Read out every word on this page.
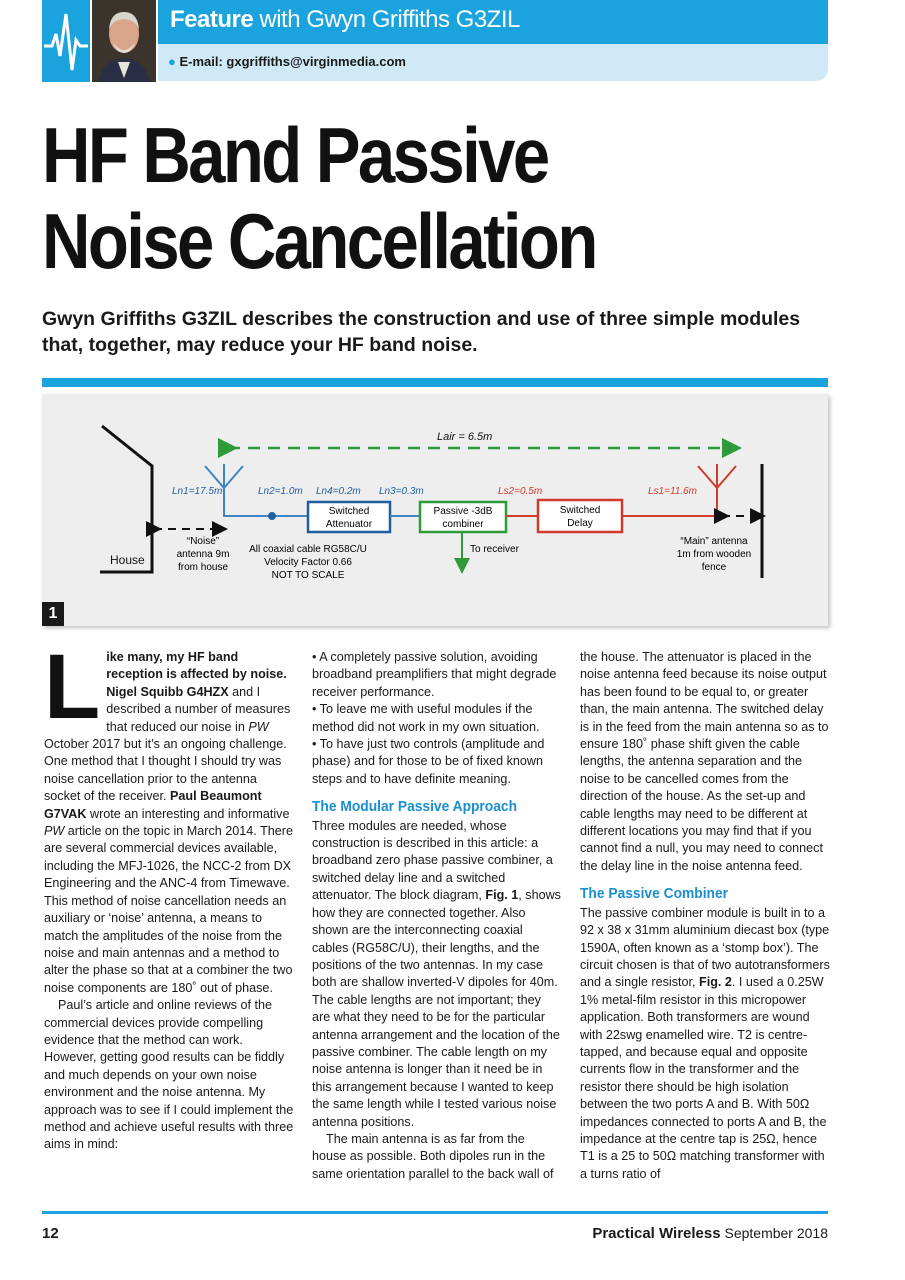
Feature with Gwyn Griffiths G3ZIL
● E-mail: gxgriffiths@virginmedia.com
HF Band Passive
Noise Cancellation

Gwyn Griffiths G3ZIL describes the construction and use of three simple modules that, together, may reduce your HF band noise.

House
Lair = 6.5m
Switched
Attenuator
Passive -3dB
combiner
To receiver
Switched
Delay
Ln1=17.5m	Ln2=1.0m Ln4=0.2m Ln3=0.3m	Ls2=0.5m	Ls1=11.6m
“Noise”
antenna 9m
from house
All coaxial cable RG58C/U
Velocity Factor 0.66
NOT TO SCALE
“Main” antenna
1m from wooden
fence
1

Like many, my HF band reception is affected by noise. Nigel Squibb G4HZX and I described a number of measures that reduced our noise in PW October 2017 but it’s an ongoing challenge. One method that I thought I should try was noise cancellation prior to the antenna socket of the receiver. Paul Beaumont G7VAK wrote an interesting and informative PW article on the topic in March 2014. There are several commercial devices available, including the MFJ-1026, the NCC-2 from DX Engineering and the ANC-4 from Timewave. This method of noise cancellation needs an auxiliary or ‘noise’ antenna, a means to match the amplitudes of the noise from the noise and main antennas and a method to alter the phase so that at a combiner the two noise components are 180˚ out of phase.

Paul’s article and online reviews of the commercial devices provide compelling evidence that the method can work. However, getting good results can be fiddly and much depends on your own noise environment and the noise antenna. My approach was to see if I could implement the method and achieve useful results with three aims in mind:

• A completely passive solution, avoiding broadband preamplifiers that might degrade receiver performance.

• To leave me with useful modules if the method did not work in my own situation.

• To have just two controls (amplitude and phase) and for those to be of fixed known steps and to have definite meaning.

The Modular Passive Approach

Three modules are needed, whose construction is described in this article: a broadband zero phase passive combiner, a switched delay line and a switched attenuator. The block diagram, Fig. 1, shows how they are connected together. Also shown are the interconnecting coaxial cables (RG58C/U), their lengths, and the positions of the two antennas. In my case both are shallow inverted-V dipoles for 40m. The cable lengths are not important; they are what they need to be for the particular antenna arrangement and the location of the passive combiner. The cable length on my noise antenna is longer than it need be in this arrangement because I wanted to keep the same length while I tested various noise antenna positions.

The main antenna is as far from the house as possible. Both dipoles run in the same orientation parallel to the back wall of

the house. The attenuator is placed in the noise antenna feed because its noise output has been found to be equal to, or greater than, the main antenna. The switched delay is in the feed from the main antenna so as to ensure 180˚ phase shift given the cable lengths, the antenna separation and the noise to be cancelled comes from the direction of the house. As the set-up and cable lengths may need to be different at different locations you may find that if you cannot find a null, you may need to connect the delay line in the noise antenna feed.

The Passive Combiner

The passive combiner module is built in to a 92 x 38 x 31mm aluminium diecast box (type 1590A, often known as a ‘stomp box’). The circuit chosen is that of two autotransformers and a single resistor, Fig. 2. I used a 0.25W 1% metal-film resistor in this micropower application. Both transformers are wound with 22swg enamelled wire. T2 is centre-tapped, and because equal and opposite currents flow in the transformer and the resistor there should be high isolation between the two ports A and B. With 50Ω impedances connected to ports A and B, the impedance at the centre tap is 25Ω, hence T1 is a 25 to 50Ω matching transformer with a turns ratio of

12	Practical Wireless September 2018
